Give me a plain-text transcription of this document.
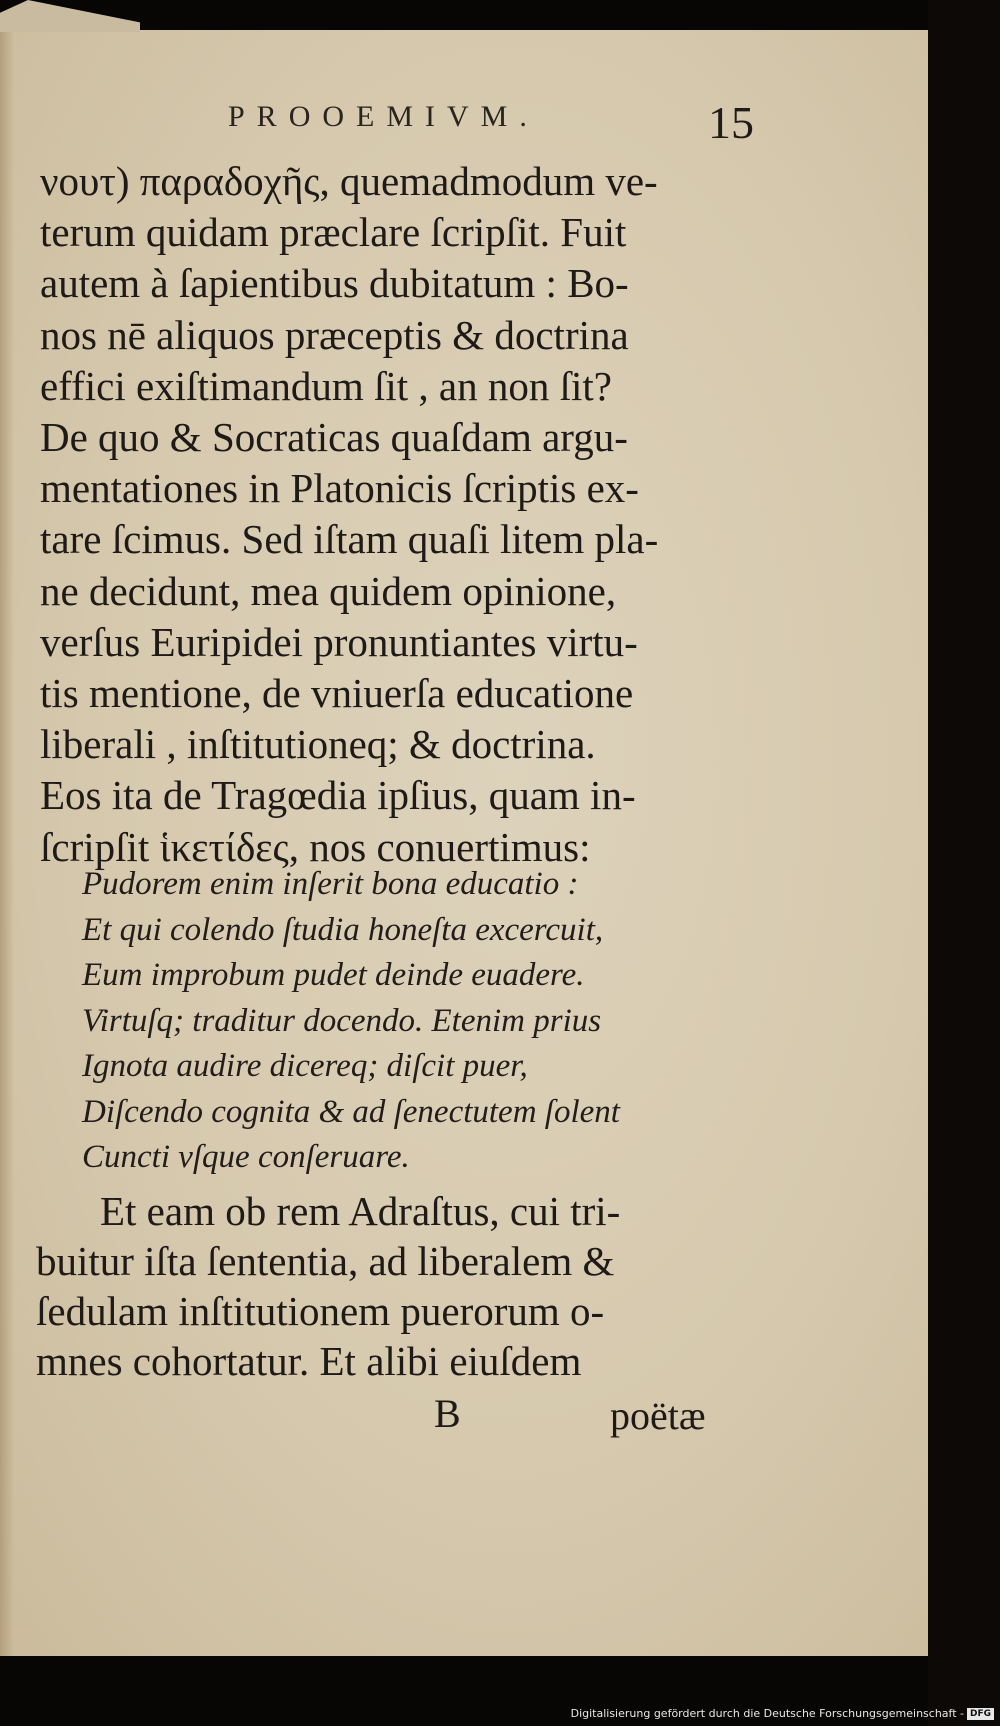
PROOEMIVM.	15
νουτ) παραδοχῆς, quemadmodum ve-
terum quidam præclare ſcripſit. Fuit
autem à ſapientibus dubitatum : Bo-
nos nē aliquos præceptis & doctrina
effici exiſtimandum ſit , an non ſit?
De quo & Socraticas quaſdam argu-
mentationes in Platonicis ſcriptis ex-
tare ſcimus. Sed iſtam quaſi litem pla-
ne decidunt, mea quidem opinione,
verſus Euripidei pronuntiantes virtu-
tis mentione, de vniuerſa educatione
liberali , inſtitutioneq; & doctrina.
Eos ita de Tragœdia ipſius, quam in-
ſcripſit ἱκετίδες, nos conuertimus:
Pudorem enim inſerit bona educatio :
Et qui colendo ſtudia honeſta excercuit,
Eum improbum pudet deinde euadere.
Virtuſq; traditur docendo. Etenim prius
Ignota audire dicereq; diſcit puer,
Diſcendo cognita & ad ſenectutem ſolent
Cuncti vſque conſeruare.
Et eam ob rem Adraſtus, cui tri-
buitur iſta ſententia, ad liberalem &
ſedulam inſtitutionem puerorum o-
mnes cohortatur. Et alibi eiuſdem
B	poëtæ
Digitalisierung gefördert durch die Deutsche Forschungsgemeinschaft - DFG
